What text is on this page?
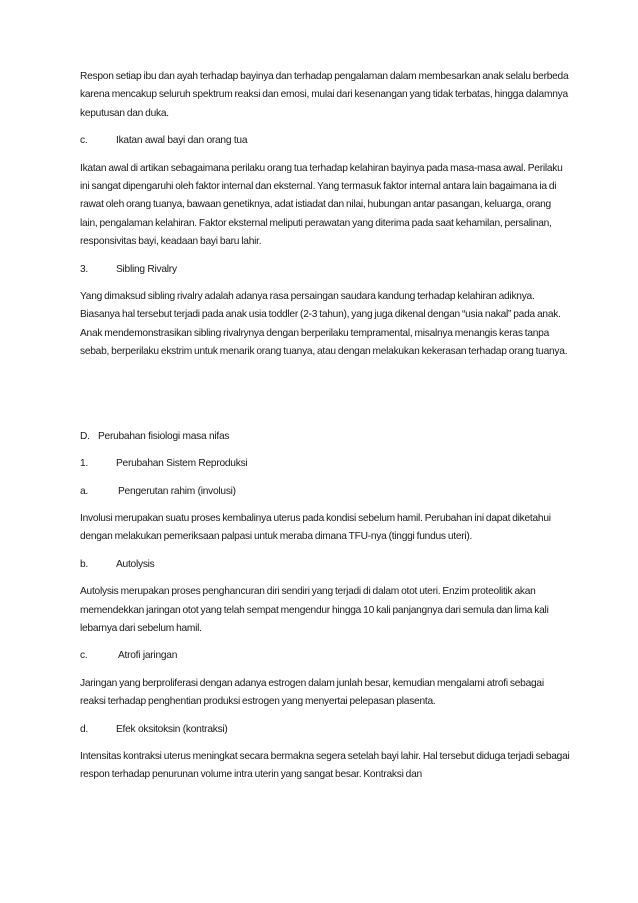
Respon setiap ibu dan ayah terhadap bayinya dan terhadap pengalaman dalam membesarkan anak selalu berbeda karena mencakup seluruh spektrum reaksi dan emosi, mulai dari kesenangan yang tidak terbatas, hingga dalamnya keputusan dan duka.

c.	Ikatan awal bayi dan orang tua

Ikatan awal di artikan sebagaimana perilaku orang tua terhadap kelahiran bayinya pada masa-masa awal. Perilaku ini sangat dipengaruhi oleh faktor internal dan eksternal. Yang termasuk faktor internal antara lain bagaimana ia di rawat oleh orang tuanya, bawaan genetiknya, adat istiadat dan nilai, hubungan antar pasangan, keluarga, orang lain, pengalaman kelahiran. Faktor eksternal meliputi perawatan yang diterima pada saat kehamilan, persalinan, responsivitas bayi, keadaan bayi baru lahir.

3.	Sibling Rivalry

Yang dimaksud sibling rivalry adalah adanya rasa persaingan saudara kandung terhadap kelahiran adiknya. Biasanya hal tersebut terjadi pada anak usia toddler (2-3 tahun), yang juga dikenal dengan “usia nakal” pada anak. Anak mendemonstrasikan sibling rivalrynya dengan berperilaku tempramental, misalnya menangis keras tanpa sebab, berperilaku ekstrim untuk menarik orang tuanya, atau dengan melakukan kekerasan terhadap orang tuanya.

D. Perubahan fisiologi masa nifas
1.	Perubahan Sistem Reproduksi
a.	Pengerutan rahim (involusi)

Involusi merupakan suatu proses kembalinya uterus pada kondisi sebelum hamil. Perubahan ini dapat diketahui dengan melakukan pemeriksaan palpasi untuk meraba dimana TFU-nya (tinggi fundus uteri).

b.	Autolysis

Autolysis merupakan proses penghancuran diri sendiri yang terjadi di dalam otot uteri. Enzim proteolitik akan memendekkan jaringan otot yang telah sempat mengendur hingga 10 kali panjangnya dari semula dan lima kali lebarnya dari sebelum hamil.

c.	Atrofi jaringan

Jaringan yang berproliferasi dengan adanya estrogen dalam junlah besar, kemudian mengalami atrofi sebagai reaksi terhadap penghentian produksi estrogen yang menyertai pelepasan plasenta.

d.	Efek oksitoksin (kontraksi)

Intensitas kontraksi uterus meningkat secara bermakna segera setelah bayi lahir. Hal tersebut diduga terjadi sebagai respon terhadap penurunan volume intra uterin yang sangat besar. Kontraksi dan
